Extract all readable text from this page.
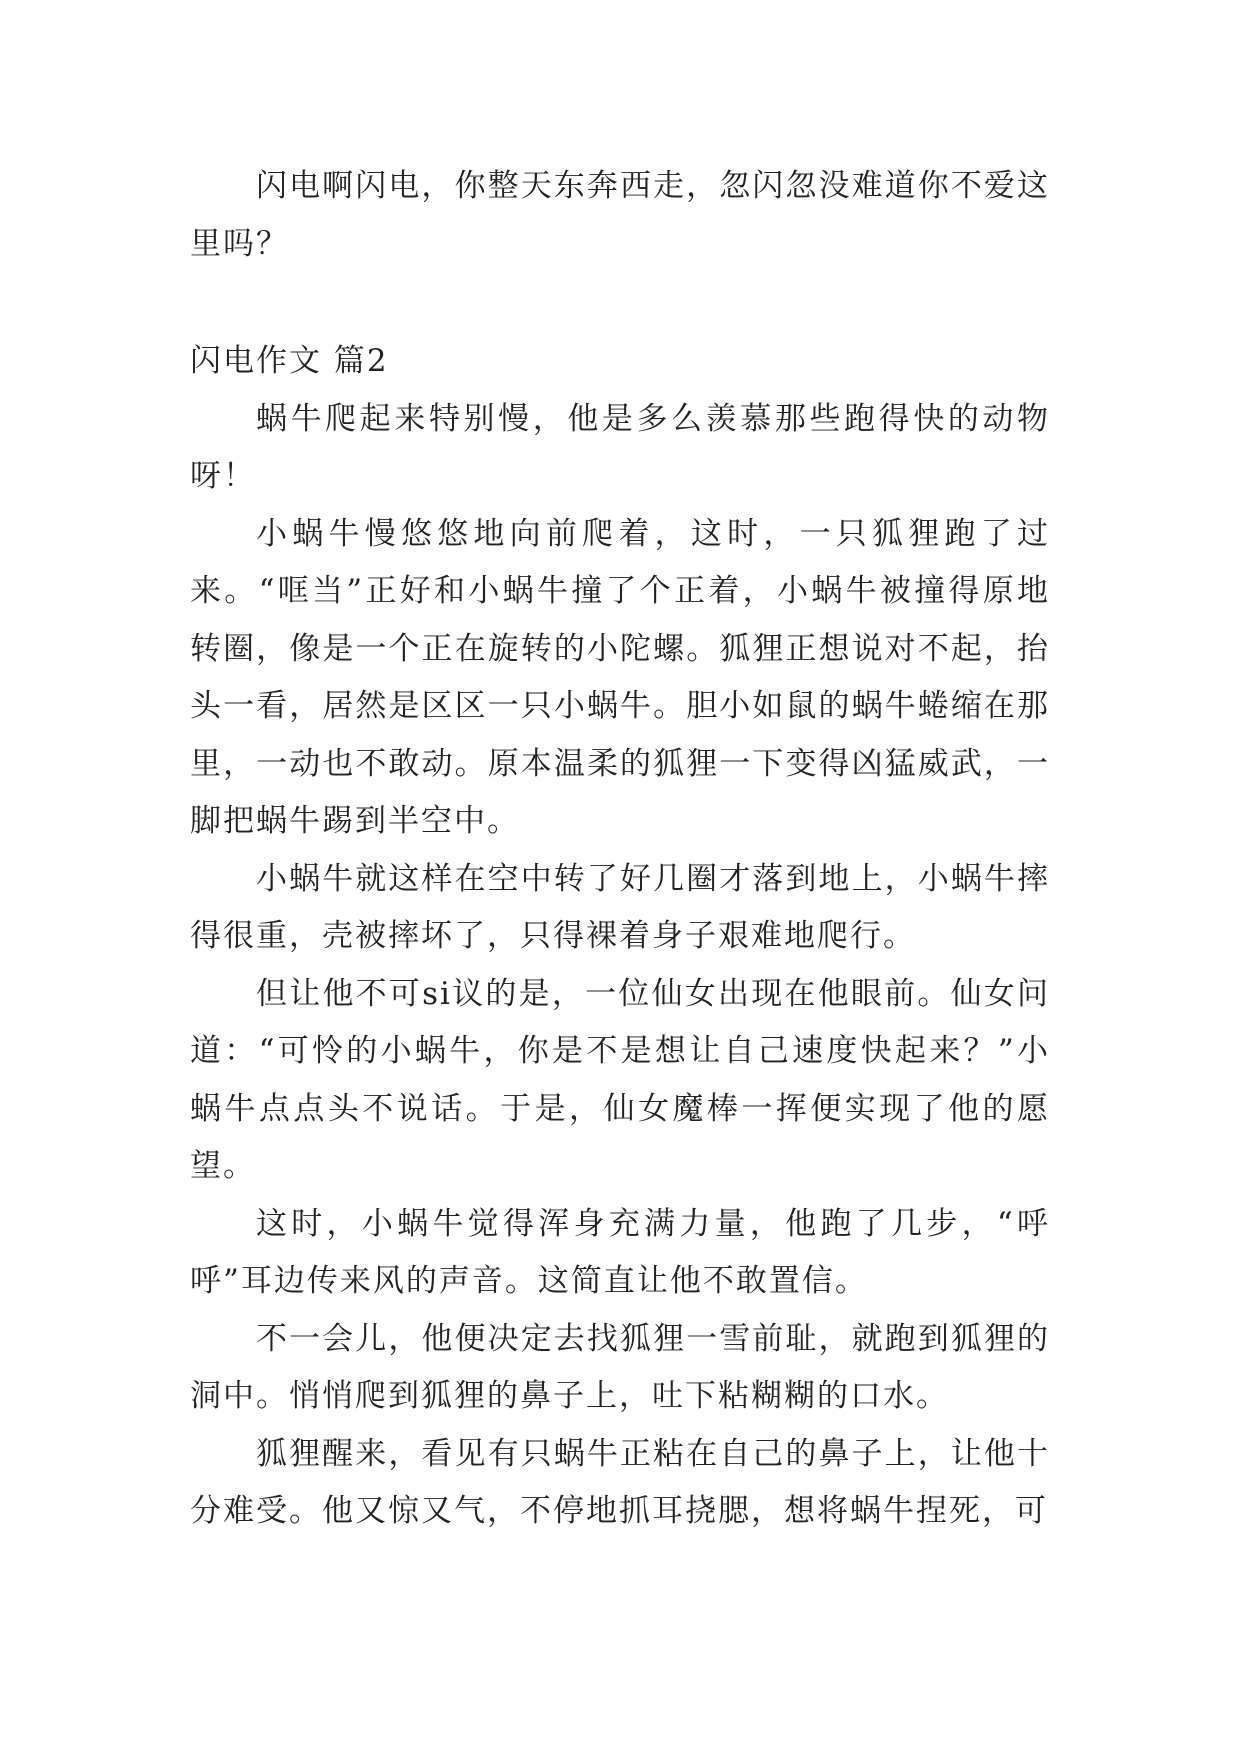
闪电啊闪电，你整天东奔西走，忽闪忽没难道你不爱这里吗？

闪电作文 篇2

蜗牛爬起来特别慢，他是多么羡慕那些跑得快的动物呀！

小蜗牛慢悠悠地向前爬着，这时，一只狐狸跑了过来。“哐当”正好和小蜗牛撞了个正着，小蜗牛被撞得原地转圈，像是一个正在旋转的小陀螺。狐狸正想说对不起，抬头一看，居然是区区一只小蜗牛。胆小如鼠的蜗牛蜷缩在那里，一动也不敢动。原本温柔的狐狸一下变得凶猛威武，一脚把蜗牛踢到半空中。

小蜗牛就这样在空中转了好几圈才落到地上，小蜗牛摔得很重，壳被摔坏了，只得裸着身子艰难地爬行。

但让他不可si议的是，一位仙女出现在他眼前。仙女问道：“可怜的小蜗牛，你是不是想让自己速度快起来？”小蜗牛点点头不说话。于是，仙女魔棒一挥便实现了他的愿望。

这时，小蜗牛觉得浑身充满力量，他跑了几步，“呼呼”耳边传来风的声音。这简直让他不敢置信。

不一会儿，他便决定去找狐狸一雪前耻，就跑到狐狸的洞中。悄悄爬到狐狸的鼻子上，吐下粘糊糊的口水。

狐狸醒来，看见有只蜗牛正粘在自己的鼻子上，让他十分难受。他又惊又气，不停地抓耳挠腮，想将蜗牛捏死，可
